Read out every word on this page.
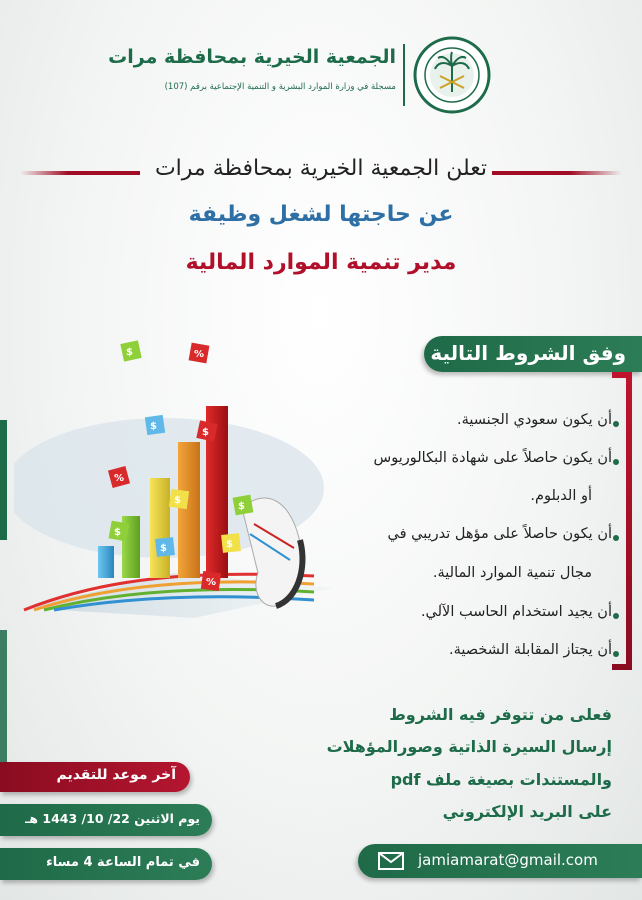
الجمعية الخيرية بمحافظة مرات
مسجلة في وزارة الموارد البشرية و التنمية الإجتماعية برقم (107)
تعلن الجمعية الخيرية بمحافظة مرات
عن حاجتها لشغل وظيفة
مدير تنمية الموارد المالية
$	%
$
$
%
$
$
$
$
%
$
وفق الشروط التالية
أن يكون سعودي الجنسية.
أن يكون حاصلاً على شهادة البكالوريوس
أو الدبلوم.
أن يكون حاصلاً على مؤهل تدريبي في
مجال تنمية الموارد المالية.
أن يجيد استخدام الحاسب الآلي.
أن يجتاز المقابلة الشخصية.
فعلى من تتوفر فيه الشروط
إرسال السيرة الذاتية وصورالمؤهلات
والمستندات بصيغة ملف pdf
على البريد الإلكتروني
آخر موعد للتقديم
يوم الاثنين 22/ 10/ 1443 هـ
في تمام الساعة 4 مساء	jamiamarat@gmail.com
